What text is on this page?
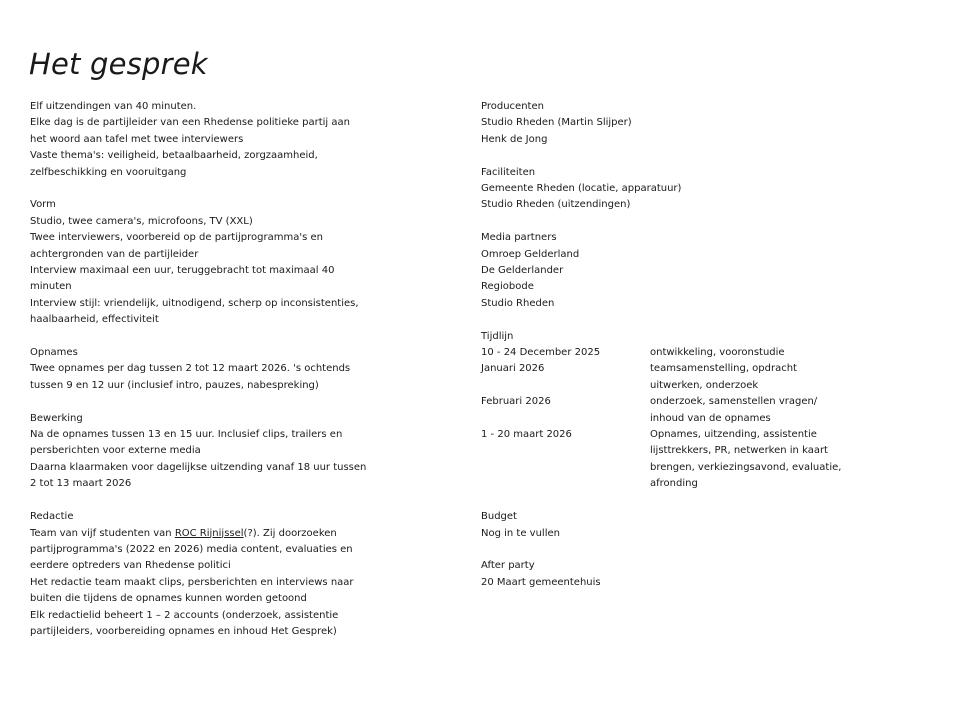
Het gesprek
Elf uitzendingen van 40 minuten.
Elke dag is de partijleider van een Rhedense politieke partij aan
het woord aan tafel met twee interviewers
Vaste thema's: veiligheid, betaalbaarheid, zorgzaamheid,
zelfbeschikking en vooruitgang
Vorm
Studio, twee camera's, microfoons, TV (XXL)
Twee interviewers, voorbereid op de partijprogramma's en
achtergronden van de partijleider
Interview maximaal een uur, teruggebracht tot maximaal 40
minuten
Interview stijl: vriendelijk, uitnodigend, scherp op inconsistenties,
haalbaarheid, effectiviteit
Opnames
Twee opnames per dag tussen 2 tot 12 maart 2026. 's ochtends
tussen 9 en 12 uur (inclusief intro, pauzes, nabespreking)
Bewerking
Na de opnames tussen 13 en 15 uur. Inclusief clips, trailers en
persberichten voor externe media
Daarna klaarmaken voor dagelijkse uitzending vanaf 18 uur tussen
2 tot 13 maart 2026
Redactie
Team van vijf studenten van ROC Rijnijssel(?). Zij doorzoeken
partijprogramma's (2022 en 2026) media content, evaluaties en
eerdere optreders van Rhedense politici
Het redactie team maakt clips, persberichten en interviews naar
buiten die tijdens de opnames kunnen worden getoond
Elk redactielid beheert 1 – 2 accounts (onderzoek, assistentie
partijleiders, voorbereiding opnames en inhoud Het Gesprek)
Producenten
Studio Rheden (Martin Slijper)
Henk de Jong
Faciliteiten
Gemeente Rheden (locatie, apparatuur)
Studio Rheden (uitzendingen)
Media partners
Omroep Gelderland
De Gelderlander
Regiobode
Studio Rheden
Tijdlijn
10 - 24 December 2025	ontwikkeling, vooronstudie
Januari 2026	teamsamenstelling, opdracht
uitwerken, onderzoek
Februari 2026	onderzoek, samenstellen vragen/
inhoud van de opnames
1 - 20 maart 2026	Opnames, uitzending, assistentie
lijsttrekkers, PR, netwerken in kaart
brengen, verkiezingsavond, evaluatie,
afronding
Budget
Nog in te vullen
After party
20 Maart gemeentehuis
